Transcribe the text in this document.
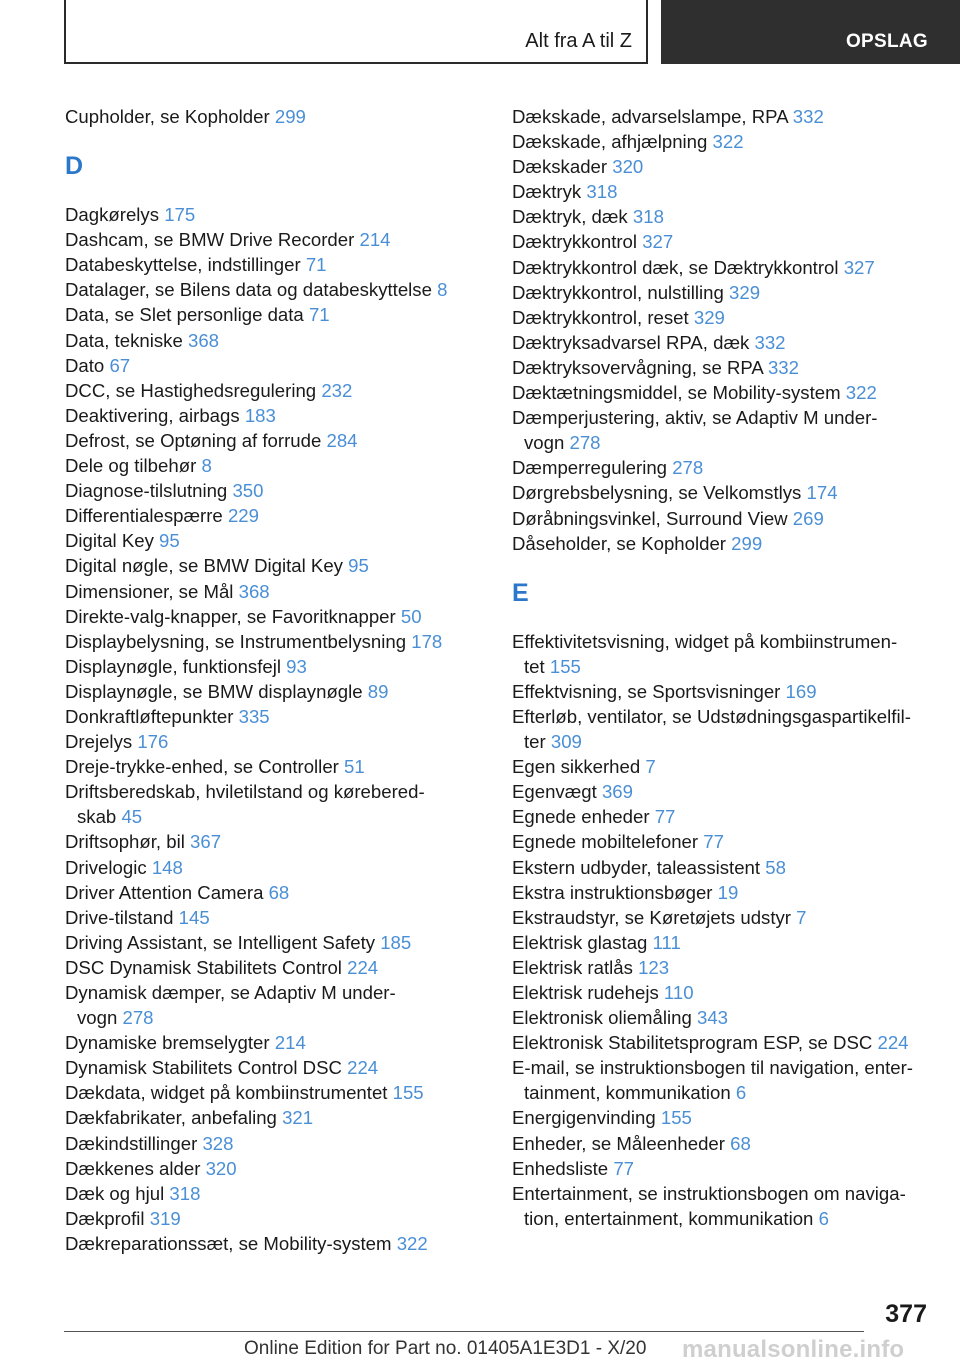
Alt fra A til Z	OPSLAG
Cupholder, se Kopholder 299
D
Dagkørelys 175
Dashcam, se BMW Drive Recorder 214
Databeskyttelse, indstillinger 71
Datalager, se Bilens data og databeskyttelse 8
Data, se Slet personlige data 71
Data, tekniske 368
Dato 67
DCC, se Hastighedsregulering 232
Deaktivering, airbags 183
Defrost, se Optøning af forrude 284
Dele og tilbehør 8
Diagnose-tilslutning 350
Differentialespærre 229
Digital Key 95
Digital nøgle, se BMW Digital Key 95
Dimensioner, se Mål 368
Direkte-valg-knapper, se Favoritknapper 50
Displaybelysning, se Instrumentbelysning 178
Displaynøgle, funktionsfejl 93
Displaynøgle, se BMW displaynøgle 89
Donkraftløftepunkter 335
Drejelys 176
Dreje-trykke-enhed, se Controller 51
Driftsberedskab, hviletilstand og kørebered-
skab 45
Driftsophør, bil 367
Drivelogic 148
Driver Attention Camera 68
Drive-tilstand 145
Driving Assistant, se Intelligent Safety 185
DSC Dynamisk Stabilitets Control 224
Dynamisk dæmper, se Adaptiv M under-
vogn 278
Dynamiske bremselygter 214
Dynamisk Stabilitets Control DSC 224
Dækdata, widget på kombiinstrumentet 155
Dækfabrikater, anbefaling 321
Dækindstillinger 328
Dækkenes alder 320
Dæk og hjul 318
Dækprofil 319
Dækreparationssæt, se Mobility-system 322
Dækskade, advarselslampe, RPA 332
Dækskade, afhjælpning 322
Dækskader 320
Dæktryk 318
Dæktryk, dæk 318
Dæktrykkontrol 327
Dæktrykkontrol dæk, se Dæktrykkontrol 327
Dæktrykkontrol, nulstilling 329
Dæktrykkontrol, reset 329
Dæktryksadvarsel RPA, dæk 332
Dæktryksovervågning, se RPA 332
Dæktætningsmiddel, se Mobility-system 322
Dæmperjustering, aktiv, se Adaptiv M under-
vogn 278
Dæmperregulering 278
Dørgrebsbelysning, se Velkomstlys 174
Døråbningsvinkel, Surround View 269
Dåseholder, se Kopholder 299
E
Effektivitetsvisning, widget på kombiinstrumen-
tet 155
Effektvisning, se Sportsvisninger 169
Efterløb, ventilator, se Udstødningsgaspartikelfil-
ter 309
Egen sikkerhed 7
Egenvægt 369
Egnede enheder 77
Egnede mobiltelefoner 77
Ekstern udbyder, taleassistent 58
Ekstra instruktionsbøger 19
Ekstraudstyr, se Køretøjets udstyr 7
Elektrisk glastag 111
Elektrisk ratlås 123
Elektrisk rudehejs 110
Elektronisk oliemåling 343
Elektronisk Stabilitetsprogram ESP, se DSC 224
E-mail, se instruktionsbogen til navigation, enter-
tainment, kommunikation 6
Energigenvinding 155
Enheder, se Måleenheder 68
Enhedsliste 77
Entertainment, se instruktionsbogen om naviga-
tion, entertainment, kommunikation 6
377
Online Edition for Part no. 01405A1E3D1 - X/20 manualsonline.info
